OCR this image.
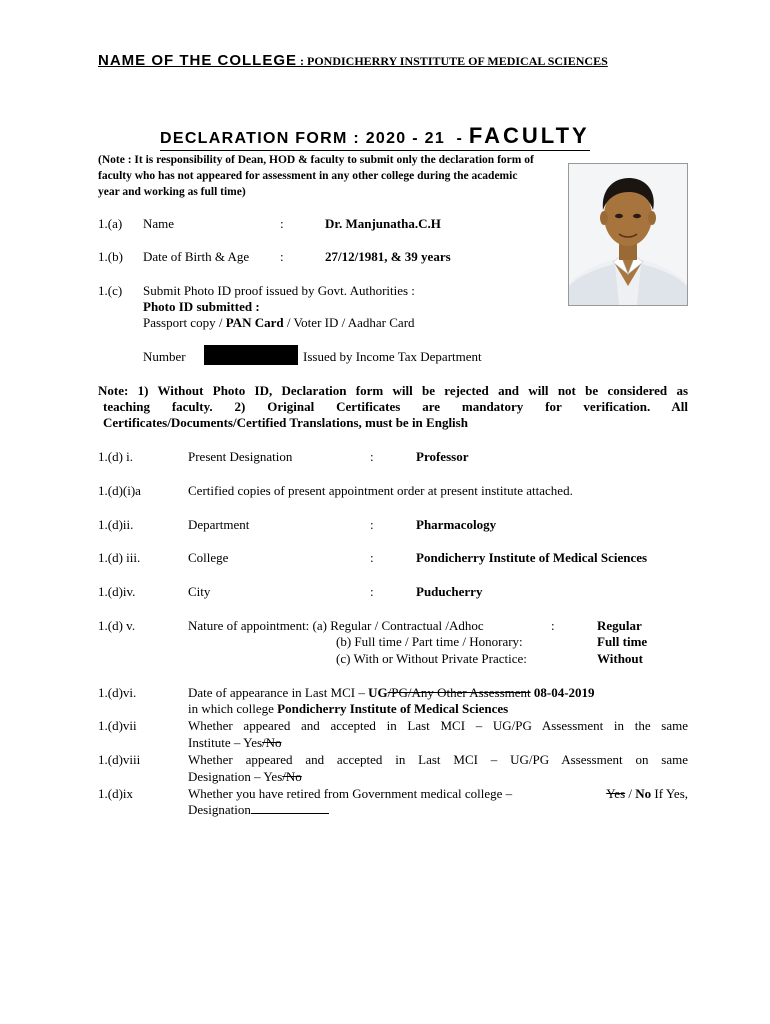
NAME OF THE COLLEGE : PONDICHERRY INSTITUTE OF MEDICAL SCIENCES
DECLARATION FORM : 2020 - 21  - FACULTY
(Note : It is responsibility of Dean, HOD & faculty to submit only the declaration form of faculty who has not appeared for assessment in any other college during the academic year and working as full time)
1.(a) Name	:	Dr. Manjunatha.C.H
1.(b) Date of Birth & Age :	27/12/1981, & 39 years
1.(c) Submit Photo ID proof issued by Govt. Authorities :
Photo ID submitted :
Passport copy / PAN Card / Voter ID / Aadhar Card
Number	Issued by Income Tax Department
Note: 1) Without Photo ID, Declaration form will be rejected and will not be considered as
teaching faculty. 2) Original Certificates are mandatory for verification. All
Certificates/Documents/Certified Translations, must be in English
1.(d) i.	Present Designation	:	Professor
1.(d)(i)a	Certified copies of present appointment order at present institute attached.
1.(d)ii.	Department	:	Pharmacology
1.(d) iii.	College	:	Pondicherry Institute of Medical Sciences
1.(d)iv.	City	:	Puducherry
1.(d) v.	Nature of appointment: (a) Regular / Contractual /Adhoc	:	Regular
(b) Full time / Part time / Honorary:	Full time
(c) With or Without Private Practice:	Without
1.(d)vi.	Date of appearance in Last MCI – UG/PG/Any Other Assessment 08-04-2019
in which college Pondicherry Institute of Medical Sciences
1.(d)vii	Whether appeared and accepted in Last MCI – UG/PG Assessment in the same
Institute – Yes/No
1.(d)viii	Whether appeared and accepted in Last MCI – UG/PG Assessment on same
Designation – Yes/No
1.(d)ix	Whether you have retired from Government medical college –	Yes / No If Yes,
Designation
